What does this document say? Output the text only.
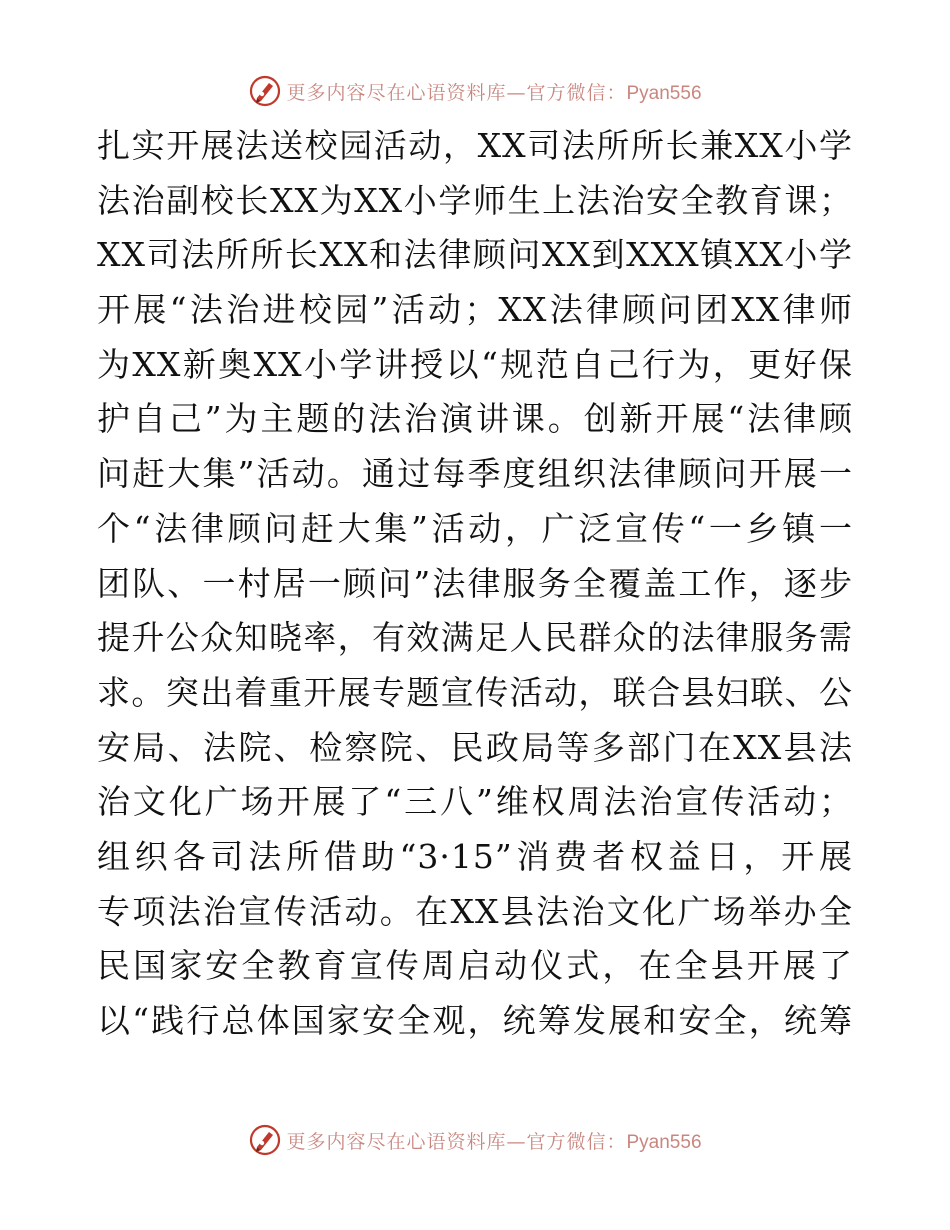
更多内容尽在心语资料库—官方微信：Pyan556
扎实开展法送校园活动，XX司法所所长兼XX小学
法治副校长XX为XX小学师生上法治安全教育课；
XX司法所所长XX和法律顾问XX到XXX镇XX小学
开展“法治进校园”活动；XX法律顾问团XX律师
为XX新奥XX小学讲授以“规范自己行为，更好保
护自己”为主题的法治演讲课。创新开展“法律顾
问赶大集”活动。通过每季度组织法律顾问开展一
个“法律顾问赶大集”活动，广泛宣传“一乡镇一
团队、一村居一顾问”法律服务全覆盖工作，逐步
提升公众知晓率，有效满足人民群众的法律服务需
求。突出着重开展专题宣传活动，联合县妇联、公
安局、法院、检察院、民政局等多部门在XX县法
治文化广场开展了“三八”维权周法治宣传活动；
组织各司法所借助“3·15”消费者权益日，开展
专项法治宣传活动。在XX县法治文化广场举办全
民国家安全教育宣传周启动仪式，在全县开展了
以“践行总体国家安全观，统筹发展和安全，统筹
更多内容尽在心语资料库—官方微信：Pyan556
